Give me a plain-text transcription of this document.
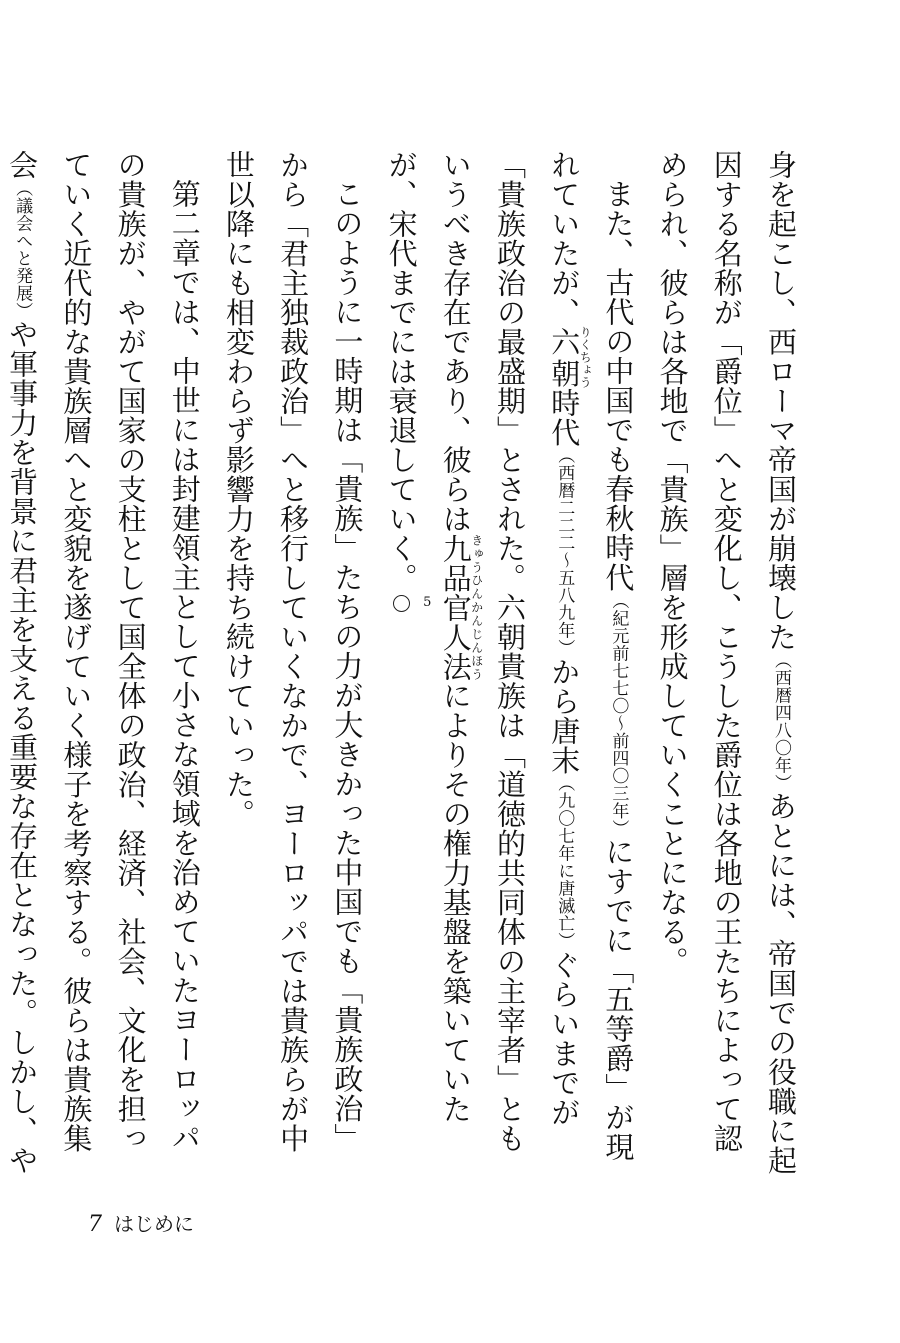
身を起こし、西ローマ帝国が崩壊した（西暦四八〇年）あとには、帝国での役職に起因する名称が「爵位」へと変化し、こうした爵位は各地の王たちによって認められ、彼らは各地で「貴族」層を形成していくことになる。

また、古代の中国でも春秋時代（紀元前七七〇〜前四〇三年）にすでに「五等爵」が現れていたが、六朝りくちょう時代（西暦二二二〜五八九年）から唐末（九〇七年に唐滅亡）ぐらいまでが「貴族政治の最盛期」とされた。六朝貴族は「道徳的共同体の主宰者」ともいうべき存在であり、彼らは九品官人法きゅうひんかんじんほうによりその権力基盤を築いていたが、宋代までには衰退していく。5

このように一時期は「貴族」たちの力が大きかった中国でも「貴族政治」から「君主独裁政治」へと移行していくなかで、ヨーロッパでは貴族らが中世以降にも相変わらず影響力を持ち続けていった。

第二章では、中世には封建領主として小さな領域を治めていたヨーロッパの貴族が、やがて国家の支柱として国全体の政治、経済、社会、文化を担っていく近代的な貴族層へと変貌を遂げていく様子を考察する。彼らは貴族集会（議会へと発展）や軍事力を背景に君主を支える重要な存在となった。しかし、や

7 はじめに
